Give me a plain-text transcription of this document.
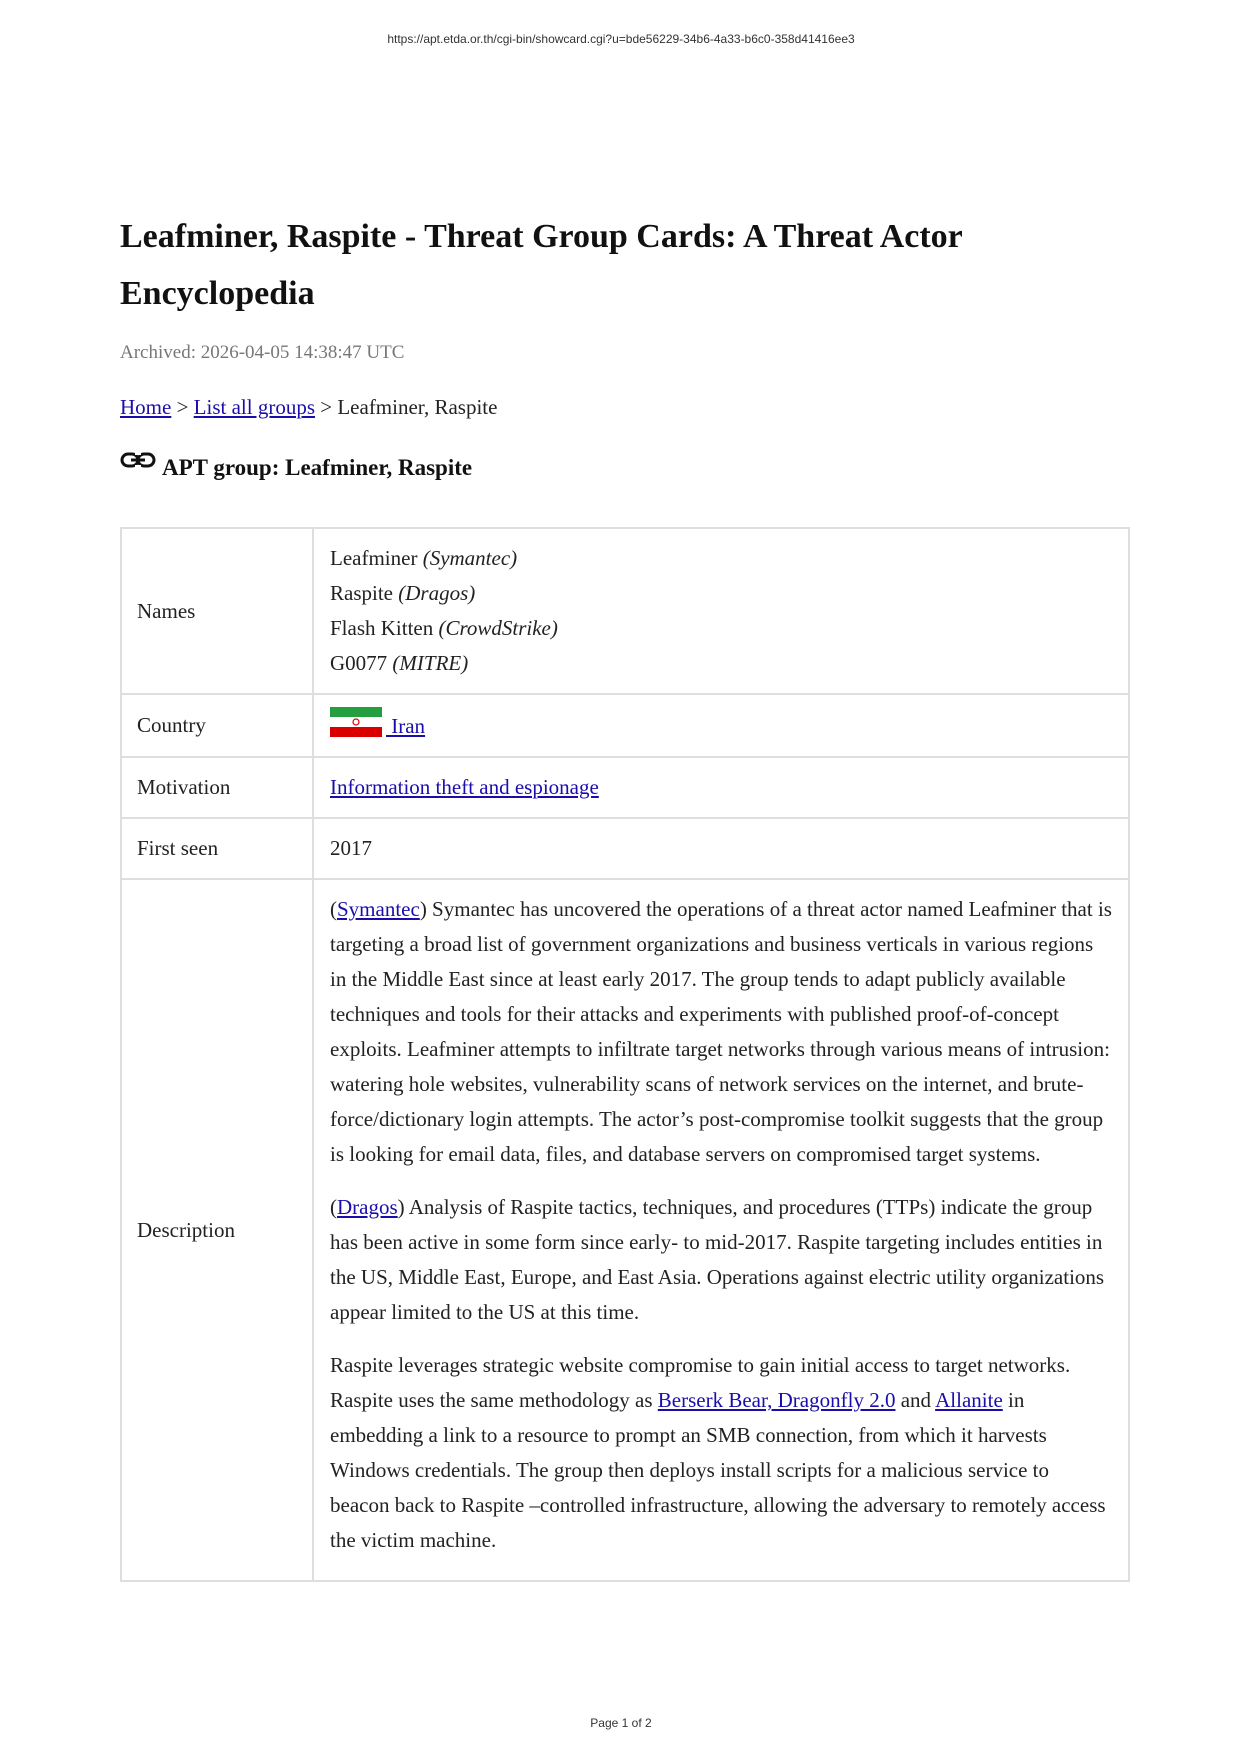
https://apt.etda.or.th/cgi-bin/showcard.cgi?u=bde56229-34b6-4a33-b6c0-358d41416ee3
Leafminer, Raspite - Threat Group Cards: A Threat Actor Encyclopedia
Archived: 2026-04-05 14:38:47 UTC
Home > List all groups > Leafminer, Raspite
APT group: Leafminer, Raspite
Names	Leafminer (Symantec)
Raspite (Dragos)
Flash Kitten (CrowdStrike)
G0077 (MITRE)

Country	Iran
Motivation	Information theft and espionage
First seen	2017
Description	(Symantec) Symantec has uncovered the operations of a threat actor named Leafminer that is targeting a broad list of government organizations and business verticals in various regions in the Middle East since at least early 2017. The group tends to adapt publicly available techniques and tools for their attacks and experiments with published proof-of-concept exploits. Leafminer attempts to infiltrate target networks through various means of intrusion: watering hole websites, vulnerability scans of network services on the internet, and brute-force/dictionary login attempts. The actor’s post-compromise toolkit suggests that the group is looking for email data, files, and database servers on compromised target systems.

(Dragos) Analysis of Raspite tactics, techniques, and procedures (TTPs) indicate the group has been active in some form since early- to mid-2017. Raspite targeting includes entities in the US, Middle East, Europe, and East Asia. Operations against electric utility organizations appear limited to the US at this time.

Raspite leverages strategic website compromise to gain initial access to target networks. Raspite uses the same methodology as Berserk Bear, Dragonfly 2.0 and Allanite in embedding a link to a resource to prompt an SMB connection, from which it harvests Windows credentials. The group then deploys install scripts for a malicious service to beacon back to Raspite –controlled infrastructure, allowing the adversary to remotely access the victim machine.

Page 1 of 2
